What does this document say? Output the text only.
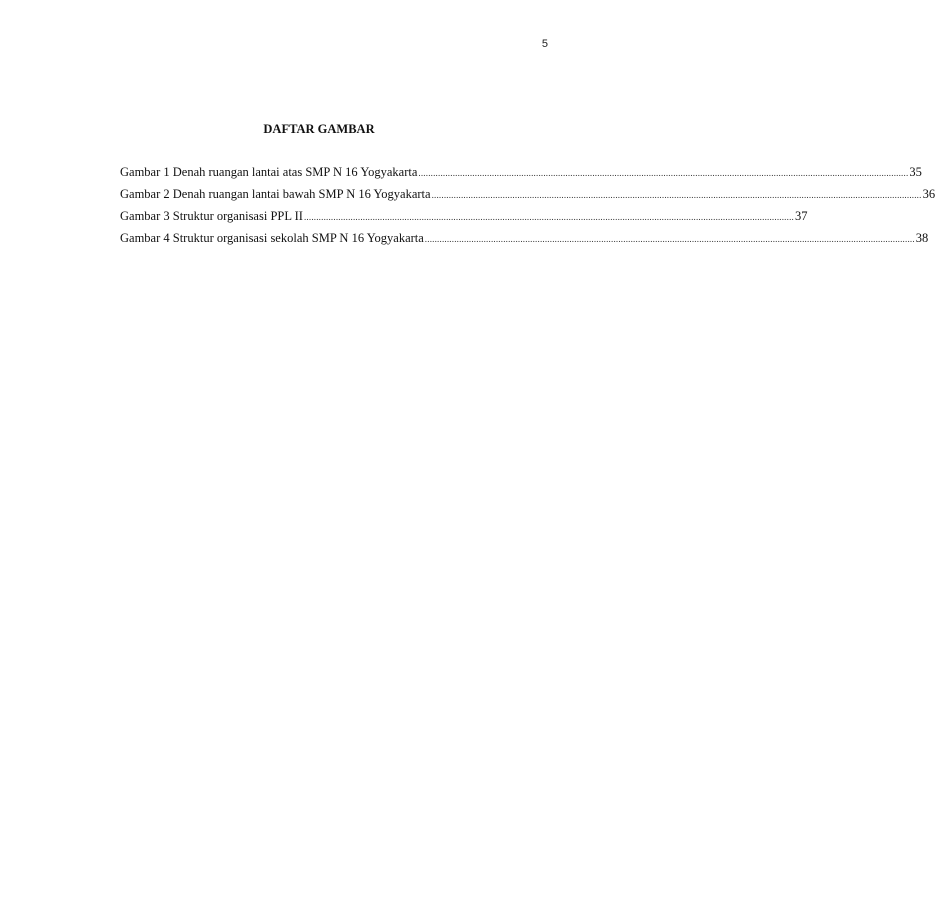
5
DAFTAR GAMBAR
Gambar 1 Denah ruangan lantai atas SMP N 16 Yogyakarta ........................................................................................................................................................................................................ 35
Gambar 2 Denah ruangan lantai bawah SMP N 16 Yogyakarta ........................................................................................................................................................................................................ 36
Gambar 3 Struktur organisasi PPL II ........................................................................................................................................................................................................ 37
Gambar 4 Struktur organisasi sekolah SMP N 16 Yogyakarta ........................................................................................................................................................................................................ 38
